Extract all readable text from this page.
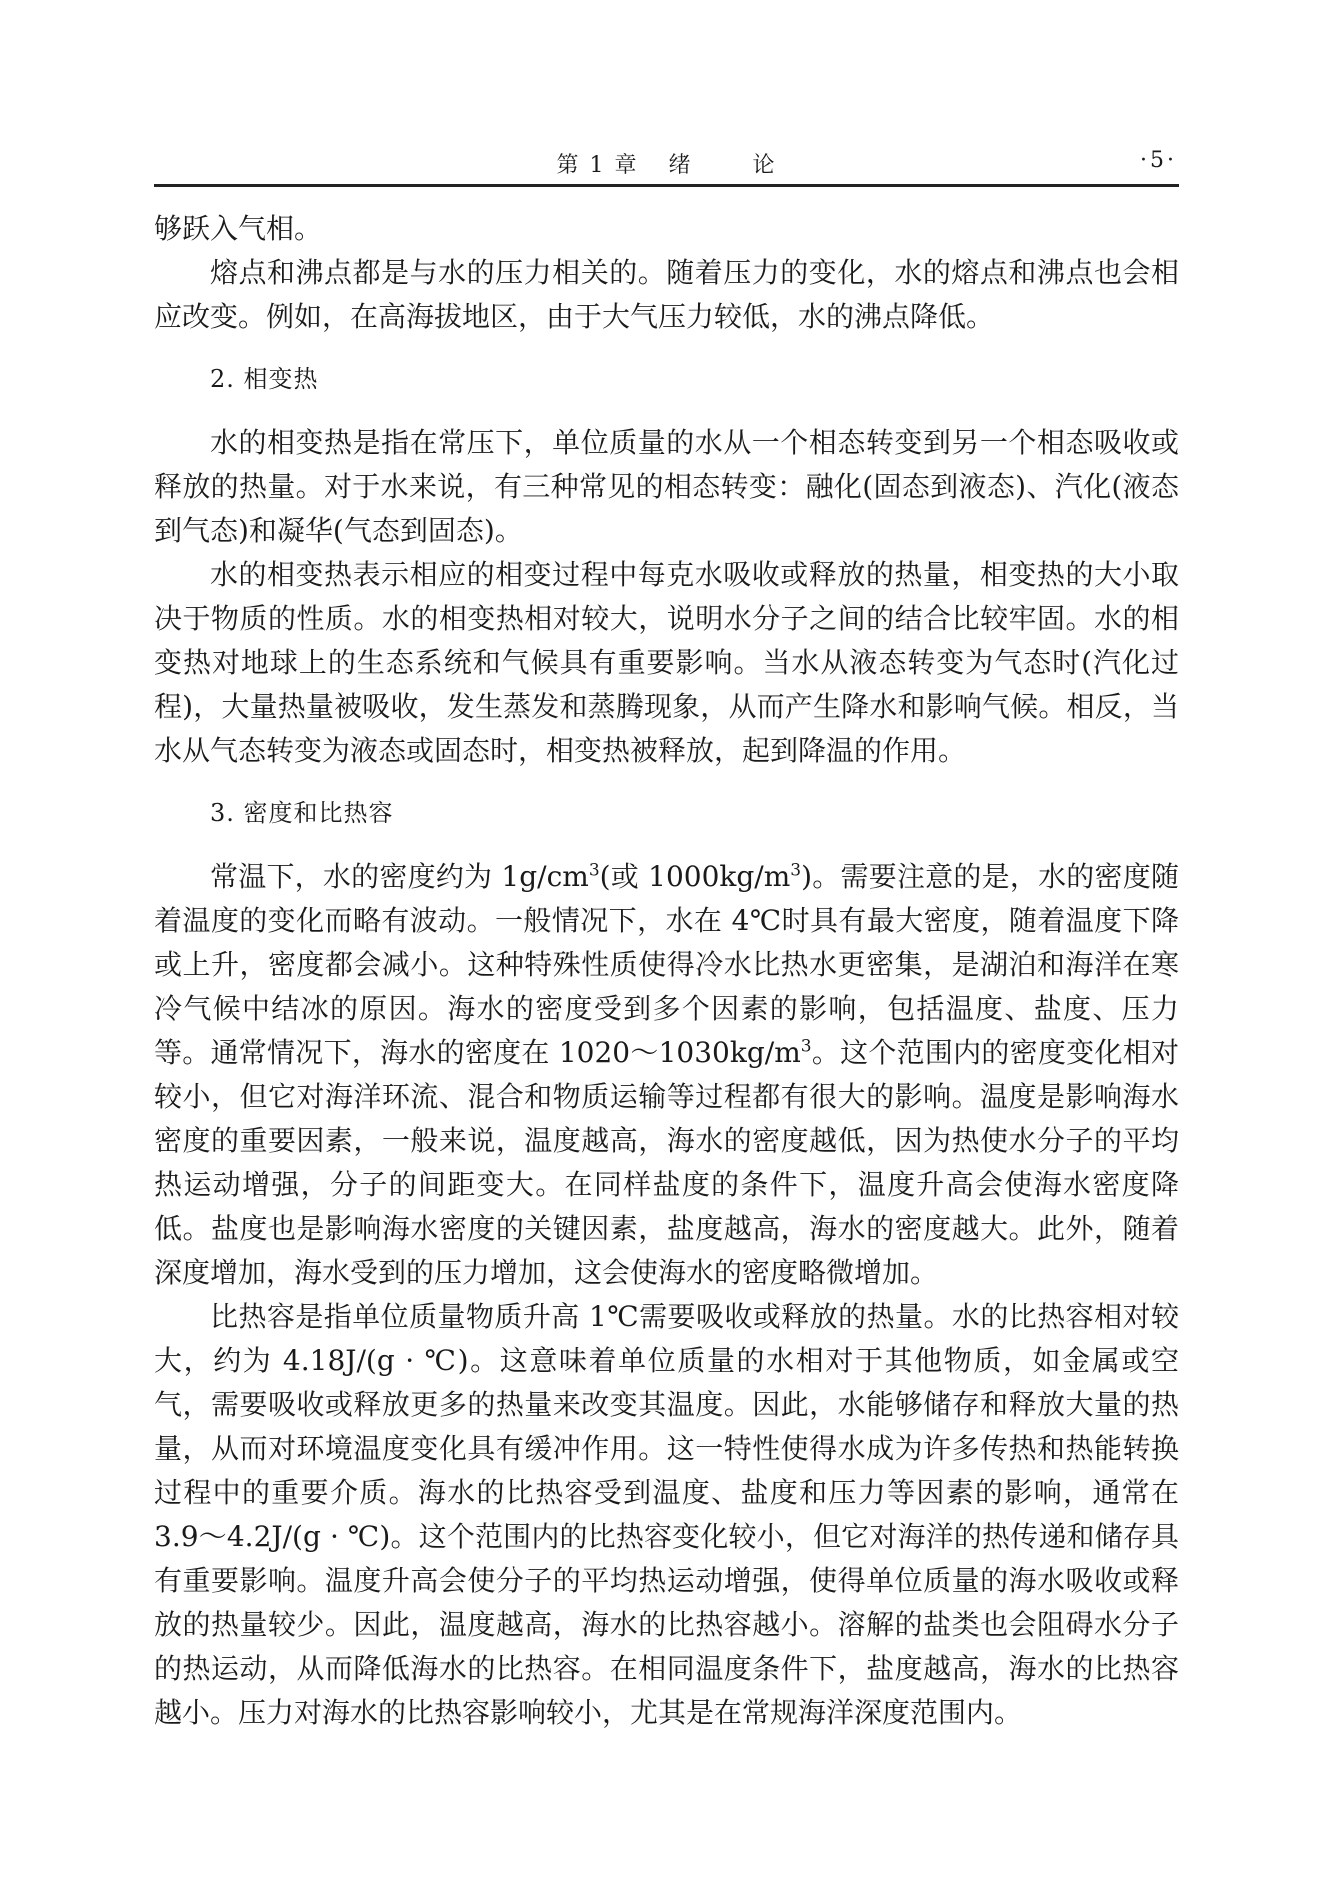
第 1 章 绪	论	·5·

够跃入气相。

熔点和沸点都是与水的压力相关的。随着压力的变化，水的熔点和沸点也会相应改变。例如，在高海拔地区，由于大气压力较低，水的沸点降低。

2. 相变热

水的相变热是指在常压下，单位质量的水从一个相态转变到另一个相态吸收或释放的热量。对于水来说，有三种常见的相态转变：融化(固态到液态)、汽化(液态到气态)和凝华(气态到固态)。

水的相变热表示相应的相变过程中每克水吸收或释放的热量，相变热的大小取决于物质的性质。水的相变热相对较大，说明水分子之间的结合比较牢固。水的相变热对地球上的生态系统和气候具有重要影响。当水从液态转变为气态时(汽化过程)，大量热量被吸收，发生蒸发和蒸腾现象，从而产生降水和影响气候。相反，当水从气态转变为液态或固态时，相变热被释放，起到降温的作用。

3. 密度和比热容

常温下，水的密度约为 $1g/cm^3$(或 $1000kg/m^3$)。需要注意的是，水的密度随着温度的变化而略有波动。一般情况下，水在 4℃时具有最大密度，随着温度下降或上升，密度都会减小。这种特殊性质使得冷水比热水更密集，是湖泊和海洋在寒冷气候中结冰的原因。海水的密度受到多个因素的影响，包括温度、盐度、压力等。通常情况下，海水的密度在 $1020\sim 1030kg/m^3$。这个范围内的密度变化相对较小，但它对海洋环流、混合和物质运输等过程都有很大的影响。温度是影响海水密度的重要因素，一般来说，温度越高，海水的密度越低，因为热使水分子的平均热运动增强，分子的间距变大。在同样盐度的条件下，温度升高会使海水密度降低。盐度也是影响海水密度的关键因素，盐度越高，海水的密度越大。此外，随着深度增加，海水受到的压力增加，这会使海水的密度略微增加。

比热容是指单位质量物质升高 1℃需要吸收或释放的热量。水的比热容相对较大，约为 4.18J/(g · ℃)。这意味着单位质量的水相对于其他物质，如金属或空气，需要吸收或释放更多的热量来改变其温度。因此，水能够储存和释放大量的热量，从而对环境温度变化具有缓冲作用。这一特性使得水成为许多传热和热能转换过程中的重要介质。海水的比热容受到温度、盐度和压力等因素的影响，通常在 3.9～4.2J/(g · ℃)。这个范围内的比热容变化较小，但它对海洋的热传递和储存具有重要影响。温度升高会使分子的平均热运动增强，使得单位质量的海水吸收或释放的热量较少。因此，温度越高，海水的比热容越小。溶解的盐类也会阻碍水分子的热运动，从而降低海水的比热容。在相同温度条件下，盐度越高，海水的比热容越小。压力对海水的比热容影响较小，尤其是在常规海洋深度范围内。
